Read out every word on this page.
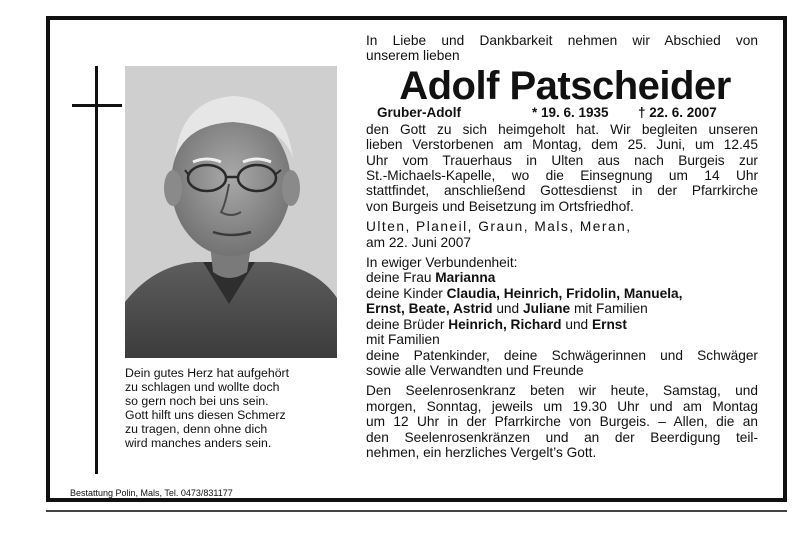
Dein gutes Herz hat aufgehört
zu schlagen und wollte doch
so gern noch bei uns sein.
Gott hilft uns diesen Schmerz
zu tragen, denn ohne dich
wird manches anders sein.
Bestattung Polin, Mals, Tel. 0473/831177
In Liebe und Dankbarkeit nehmen wir Abschied von
unserem lieben
Adolf Patscheider
Gruber-Adolf	* 19. 6. 1935 † 22. 6. 2007
den Gott zu sich heimgeholt hat. Wir begleiten unseren
lieben Verstorbenen am Montag, dem 25. Juni, um 12.45
Uhr vom Trauerhaus in Ulten aus nach Burgeis zur
St.-Michaels-Kapelle, wo die Einsegnung um 14 Uhr
stattfindet, anschließend Gottesdienst in der Pfarrkirche
von Burgeis und Beisetzung im Ortsfriedhof.
Ulten, Planeil, Graun, Mals, Meran,
am 22. Juni 2007
In ewiger Verbundenheit:
deine Frau Marianna
deine Kinder Claudia, Heinrich, Fridolin, Manuela,
Ernst, Beate, Astrid und Juliane mit Familien
deine Brüder Heinrich, Richard und Ernst
mit Familien
deine Patenkinder, deine Schwägerinnen und Schwäger
sowie alle Verwandten und Freunde
Den Seelenrosenkranz beten wir heute, Samstag, und
morgen, Sonntag, jeweils um 19.30 Uhr und am Montag
um 12 Uhr in der Pfarrkirche von Burgeis. – Allen, die an
den Seelenrosenkränzen und an der Beerdigung teil-
nehmen, ein herzliches Vergelt’s Gott.
